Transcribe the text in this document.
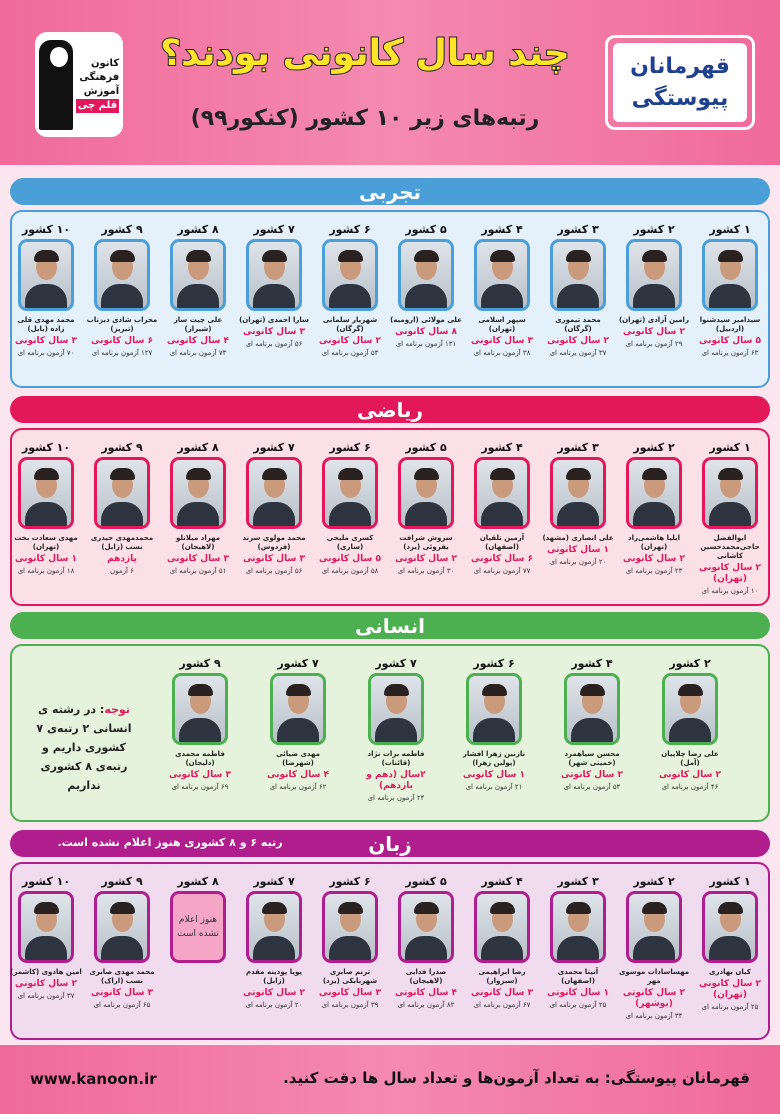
کانون
فرهنگی
آموزش
قلم چی
چند سال کانونی بودند؟
رتبه‌های زیر ۱۰ کشور (کنکور۹۹)
قهرمانان
پیوستگی
تجربی
۱ کشور
سیدامیر سیدشنوا (اردبیل)
۵ سال کانونی
۶۳ آزمون برنامه ای
۲ کشور
رامین آزادی (تهران)
۲ سال کانونی
۲۹ آزمون برنامه ای
۳ کشور
محمد تیموری (گرگان)
۲ سال کانونی
۳۷ آزمون برنامه ای
۴ کشور
سپهر اسلامی (تهران)
۳ سال کانونی
۳۸ آزمون برنامه ای
۵ کشور
علی مولائی (ارومیه)
۸ سال کانونی
۱۳۱ آزمون برنامه ای
۶ کشور
شهریار سلمانی (گرگان)
۲ سال کانونی
۵۴ آزمون برنامه ای
۷ کشور
سارا احمدی (تهران)
۳ سال کانونی
۵۶ آزمون برنامه ای
۸ کشور
علی چیت ساز (شیراز)
۴ سال کانونی
۷۴ آزمون برنامه ای
۹ کشور
محراب شادی دیزناب (تبریز)
۶ سال کانونی
۱۲۷ آزمون برنامه ای
۱۰ کشور
محمد مهدی قلی زاده (بابل)
۳ سال کانونی
۷۰ آزمون برنامه ای
ریاضی
۱ کشور
ابوالفضل حاجی‌محمدحسین کاشانی
۲ سال کانونی (تهران)
۱۰ آزمون برنامه ای
۲ کشور
ایلیا هاشمی‌راد (تهران)
۲ سال کانونی
۲۳ آزمون برنامه ای
۳ کشور
علی انصاری (مشهد)
۱ سال کانونی
۲۰ آزمون برنامه ای
۴ کشور
آرمین تلقیان (اصفهان)
۶ سال کانونی
۷۷ آزمون برنامه ای
۵ کشور
سروش شرافت یفروئی (یزد)
۲ سال کانونی
۳۰ آزمون برنامه ای
۶ کشور
کسری ملیحی (ساری)
۵ سال کانونی
۵۸ آزمون برنامه ای
۷ کشور
محمد مولوی سرند (فردوس)
۳ سال کانونی
۵۶ آزمون برنامه ای
۸ کشور
مهراد میلانلو (لاهیجان)
۳ سال کانونی
۵۱ آزمون برنامه ای
۹ کشور
محمدمهدی حیدری نسب (زابل)
یازدهم
۶ آزمون
۱۰ کشور
مهدی سعادت بخت (تهران)
۱ سال کانونی
۱۸ آزمون برنامه ای
انسانی
۲ کشور
علی رضا چلاپیان (آمل)
۲ سال کانونی
۴۶ آزمون برنامه ای
۴ کشور
محسن سیاهمرد (خمینی شهر)
۲ سال کانونی
۵۴ آزمون برنامه ای
۶ کشور
نازنین زهرا افشار (پولین زهرا)
۱ سال کانونی
۲۱ آزمون برنامه ای
۷ کشور
فاطمه برات نژاد (قائنات)
۲سال (دهم و یازدهم)
۲۴ آزمون برنامه ای
۷ کشور
مهدی ضیائی (شهرضا)
۴ سال کانونی
۶۲ آزمون برنامه ای
۹ کشور
فاطمه محمدی (دلیجان)
۳ سال کانونی
۶۹ آزمون برنامه ای
زبان
رتبه ۶ و ۸ کشوری هنوز اعلام نشده است.
۱ کشور
کیان بهادری
۲ سال کانونی (تهران)
۲۵ آزمون برنامه ای
۲ کشور
مهساسادات موسوی مهر
۲ سال کانونی (بوشهر)
۳۴ آزمون برنامه ای
۳ کشور
آنیتا محمدی (اصفهان)
۱ سال کانونی
۲۵ آزمون برنامه ای
۴ کشور
رضا ابراهیمی (سبزوار)
۳ سال کانونی
۶۷ آزمون برنامه ای
۵ کشور
صدرا فدایی (لاهیجان)
۴ سال کانونی
۸۲ آزمون برنامه ای
۶ کشور
ترنم صابری شهربابکی (یزد)
۳ سال کانونی
۳۹ آزمون برنامه ای
۷ کشور
پویا پودینه مقدم (زابل)
۲ سال کانونی
۲۰ آزمون برنامه ای
۸ کشور
هنوز اعلام نشده است
۹ کشور
محمد مهدی صابری نسب (اراک)
۳ سال کانونی
۶۵ آزمون برنامه ای
۱۰ کشور
امین هادوی (کاشمر)
۲ سال کانونی
۳۷ آزمون برنامه ای
توجه: در رشته ی انسانی ۲ رتبه‌ی ۷ کشوری داریم و رتبه‌ی ۸ کشوری نداریم
www.kanoon.ir	قهرمانان پیوستگی: به تعداد آزمون‌ها و تعداد سال ها دقت کنید.
